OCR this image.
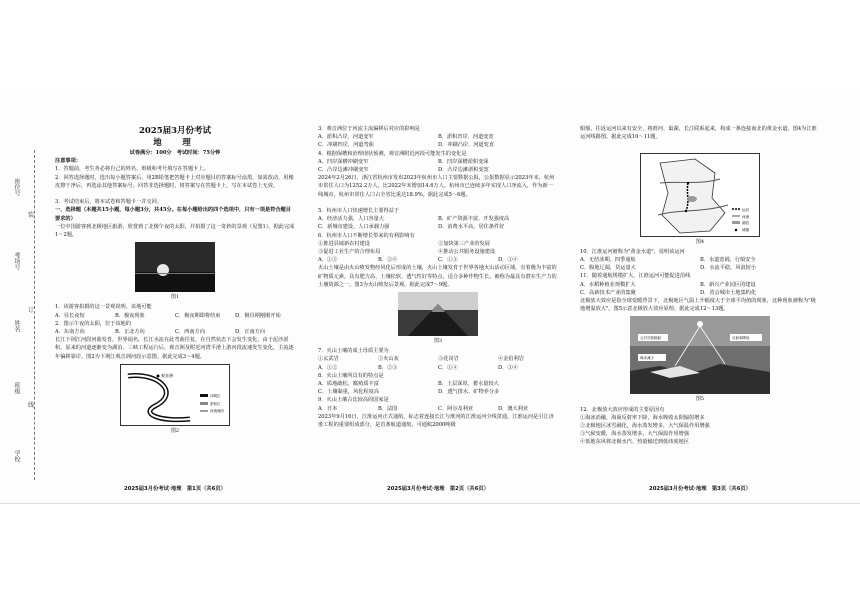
座位号
考场号
姓名
班级
学校
装
订
线

2025届3月份考试

地　理

试卷满分：100分　考试时间：75分钟

注意事项：

1．答题前，考生务必将自己的姓名、班级和考号填写在答题卡上。

2．回答选择题时，选出每小题答案后，用2B铅笔把答题卡上对应题目的答案标号涂黑，如需改动，用橡皮擦干净后，再选涂其他答案标号。回答非选择题时，将答案写在答题卡上，写在本试卷上无效。

3．考试结束后，将本试卷和答题卡一并交回。

一、选择题（本题共15小题，每小题3分，共45分。在每小题给出的四个选项中，只有一项是符合题目要求的）

一位中国游客到北极地区旅游，欣赏到了北极午夜的太阳，并拍摄了这一奇妙的景观（见图1）。据此完成1～2题。

图1

1．该游客拍摄的这一景观说明，该地可能

A．昼长夜短	B．极夜现象	C．极夜期即将结束	D．极昼期刚刚开始

2．图示午夜的太阳，位于该地的

A．东南方向	B．正北方向	C．西南方向	D．正南方向

长江下荆江河段河曲发育，世界闻名，长江水流在此弯曲往复，在自然状态下会发生变化，由于泥沙淤积，原来的河道逐渐变为湖泊。三峡工程运行后，观音洲及附近河湾平滑上游河段流速发生变化，主流逐年偏移靠岸。图2为下荆江观音洲河段示意图。据此完成3～4题。

观音洲
冲刷区
淤积区
河流流向

图2

3．观音洲位于河流主流偏移后对应的影响是

A．淤积凸岸，河道变窄	B．淤积凹岸，河道变宽
C．冲刷凹岸，河道弯曲	D．冲刷凸岸，河道变直

4．根据保槽和治理现状预测，观音洲附近河段可能发生的变化是

A．凹岸深槽冲刷变窄	B．凹岸深槽淤积变深
C．凸岸边滩冲刷变窄	D．凸岸边滩淤积变宽

2024年2月26日，浙江省杭州市发布2023年杭州市人口主要数据公报，公报数据显示2023年末，杭州市常住人口为1252.2万人，比2022年末增加14.6万人。杭州市已连续多年实现人口净流入，作为新一线城市，杭州市常住人口占全省比重达18.9%。据此完成5～6题。

5．杭州市人口快速增长主要得益于

A．经济活力强，人口容量大	B．矿产资源丰富，开发强度高
C．新城市建设，人口承载力强	D．消费水平高，居住条件好

6．杭州市人口不断增长带来的有利影响有

①推进县域新农村建设	②加快第三产业的发展
③促进工业生产的合理布局	④推动公共服务设施建设
A．①②	B．②④	C．①③	D．③④

火山土壤是由火山喷发物经风化后形成的土壤，火山土壤发育于世界各地火山活动区域，有着极为丰富的矿物质元素，具有肥力高、土壤松软、透气性好等特点，适合多种作物生长。被称为最具有潜在生产力的土壤资源之一。图3为火山喷发后景观。据此完成7～9题。

图3

7．火山土壤的成土母质主要为

①玄武岩	②火山灰	③花岗岩	④金伯利岩
A．①②	B．②③	C．①④	D．③④

8．火山土壤所具有的特点是

A．质地疏松，腐殖质丰富	B．土层深厚，蓄水量较大
C．土壤黏重，风化程度高	D．透气排水，矿物养分多

9．火山土壤占比较高的国家是

A．日本	B．法国	C．阿尔及利亚	D．澳大利亚

2023年9月16日，江淮运河正式通航，标志着连接长江与淮河的江淮运河全线贯通。江淮运河是引江济淮工程的重要组成部分，是首条航道通航，可通航2000吨级

船舶，往返运河以来有安全，将淮河、巢湖、长江联系起来，构成一条连接南北的黄金水道。图4为江淮运河线路图。据此完成10～11题。

运河
河流
湖泊
城镇

图4

10．江淮运河被称为"黄金水道"，说明该运河

A．无结冰期，四季通航	B．水道宽阔，行船安全
C．腹地辽阔，货运量大	D．水流平稳，风浪较小

11．随着通航规模扩大，江淮运河可能促进沿线

A．水稻种植业规模扩大	B．新兴产业园区的建设
C．高新技术产业的集聚	D．省会城市土地集约化

北极放大效应是指全球变暖背景下，北极地区气温上升幅度大于全球平均值的现象，这种现象被称为"极地增温放大"。图5示意北极放大效应原理。据此完成12～13题。

云对长波辐射	反射率降低
海冰减少

图5

12．北极放大效应形成的主要原因有

①海冰消融，海面反射率下降，海水吸收太阳辐射增多

②北极地区冰雪融化，海水蒸发增多，大气保温作用增强

③气候变暖，海水蒸发增多，大气保温作用增强

④低地东风将北极水汽、热量输送到低纬度地区

2025届3月份考试·地理　第1页（共6页）	2025届3月份考试·地理　第2页（共6页）	2025届3月份考试·地理　第3页（共6页）
